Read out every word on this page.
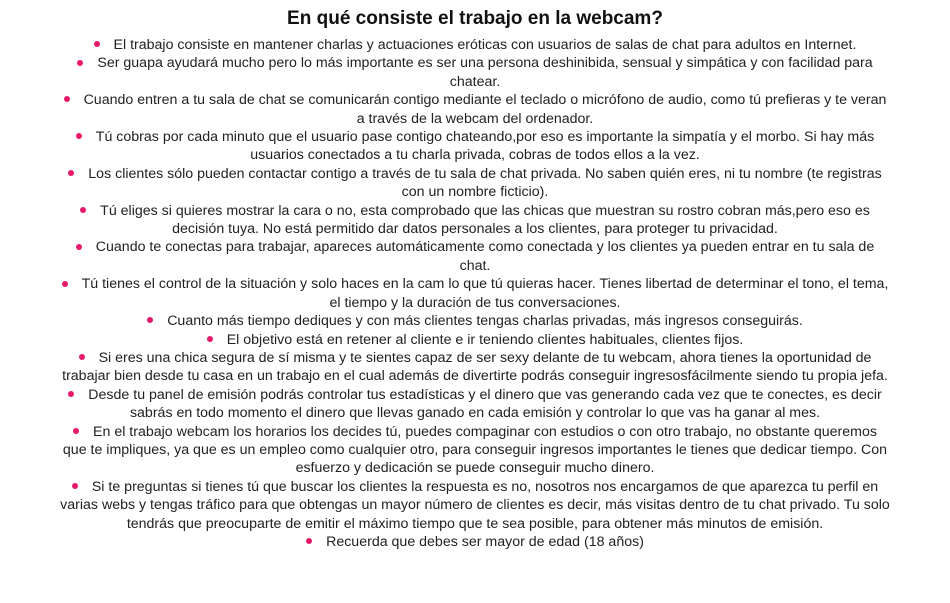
En qué consiste el trabajo en la webcam?
El trabajo consiste en mantener charlas y actuaciones eróticas con usuarios de salas de chat para adultos en Internet.
Ser guapa ayudará mucho pero lo más importante es ser una persona deshinibida, sensual y simpática y con facilidad para chatear.
Cuando entren a tu sala de chat se comunicarán contigo mediante el teclado o micrófono de audio, como tú prefieras y te veran a través de la webcam del ordenador.
Tú cobras por cada minuto que el usuario pase contigo chateando,por eso es importante la simpatía y el morbo. Si hay más usuarios conectados a tu charla privada, cobras de todos ellos a la vez.
Los clientes sólo pueden contactar contigo a través de tu sala de chat privada. No saben quién eres, ni tu nombre (te registras con un nombre ficticio).
Tú eliges si quieres mostrar la cara o no, esta comprobado que las chicas que muestran su rostro cobran más,pero eso es decisión tuya. No está permitido dar datos personales a los clientes, para proteger tu privacidad.
Cuando te conectas para trabajar, apareces automáticamente como conectada y los clientes ya pueden entrar en tu sala de chat.
Tú tienes el control de la situación y solo haces en la cam lo que tú quieras hacer. Tienes libertad de determinar el tono, el tema, el tiempo y la duración de tus conversaciones.
Cuanto más tiempo dediques y con más clientes tengas charlas privadas, más ingresos conseguirás.
El objetivo está en retener al cliente e ir teniendo clientes habituales, clientes fijos.
Si eres una chica segura de sí misma y te sientes capaz de ser sexy delante de tu webcam, ahora tienes la oportunidad de trabajar bien desde tu casa en un trabajo en el cual además de divertirte podrás conseguir ingresosfácilmente siendo tu propia jefa.
Desde tu panel de emisión podrás controlar tus estadísticas y el dinero que vas generando cada vez que te conectes, es decir sabrás en todo momento el dinero que llevas ganado en cada emisión y controlar lo que vas ha ganar al mes.
En el trabajo webcam los horarios los decides tú, puedes compaginar con estudios o con otro trabajo, no obstante queremos que te impliques, ya que es un empleo como cualquier otro, para conseguir ingresos importantes le tienes que dedicar tiempo. Con esfuerzo y dedicación se puede conseguir mucho dinero.
Si te preguntas si tienes tú que buscar los clientes la respuesta es no, nosotros nos encargamos de que aparezca tu perfil en varias webs y tengas tráfico para que obtengas un mayor número de clientes es decir, más visitas dentro de tu chat privado. Tu solo tendrás que preocuparte de emitir el máximo tiempo que te sea posible, para obtener más minutos de emisión.
Recuerda que debes ser mayor de edad (18 años)
